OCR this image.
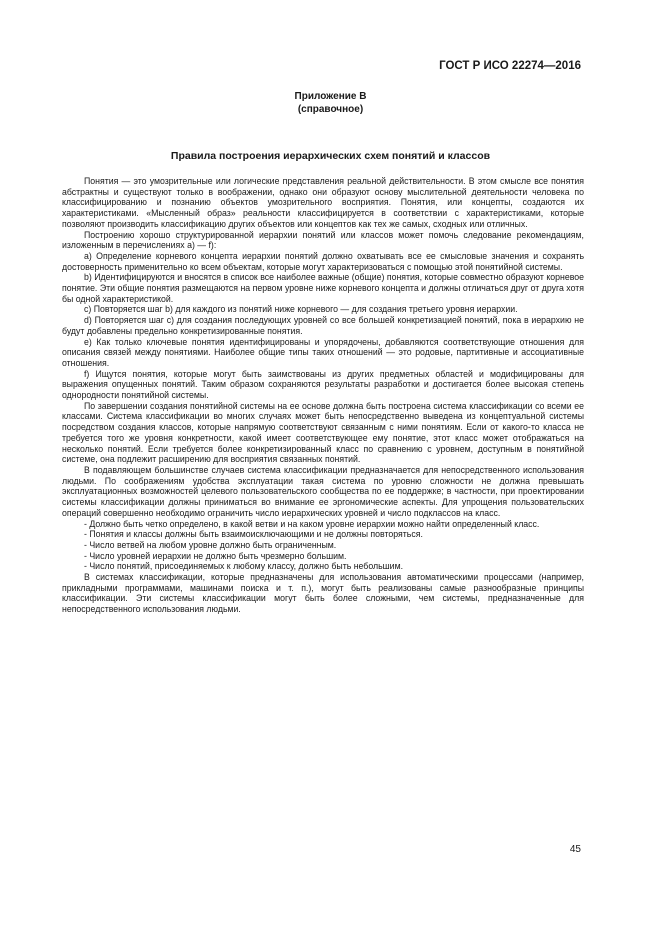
ГОСТ Р ИСО 22274—2016
Приложение В
(справочное)
Правила построения иерархических схем понятий и классов

Понятия — это умозрительные или логические представления реальной действительности. В этом смысле все понятия абстрактны и существуют только в воображении, однако они образуют основу мыслительной деятельности человека по классифицированию и познанию объектов умозрительного восприятия. Понятия, или концепты, создаются их характеристиками. «Мысленный образ» реальности классифицируется в соответствии с характеристиками, которые позволяют производить классификацию других объектов или концептов как тех же самых, сходных или отличных.

Построению хорошо структурированной иерархии понятий или классов может помочь следование рекомендациям, изложенным в перечислениях a) — f):

a) Определение корневого концепта иерархии понятий должно охватывать все ее смысловые значения и сохранять достоверность применительно ко всем объектам, которые могут характеризоваться с помощью этой понятийной системы.

b) Идентифицируются и вносятся в список все наиболее важные (общие) понятия, которые совместно образуют корневое понятие. Эти общие понятия размещаются на первом уровне ниже корневого концепта и должны отличаться друг от друга хотя бы одной характеристикой.

c) Повторяется шаг b) для каждого из понятий ниже корневого — для создания третьего уровня иерархии.

d) Повторяется шаг c) для создания последующих уровней со все большей конкретизацией понятий, пока в иерархию не будут добавлены предельно конкретизированные понятия.

e) Как только ключевые понятия идентифицированы и упорядочены, добавляются соответствующие отношения для описания связей между понятиями. Наиболее общие типы таких отношений — это родовые, партитивные и ассоциативные отношения.

f) Ищутся понятия, которые могут быть заимствованы из других предметных областей и модифицированы для выражения опущенных понятий. Таким образом сохраняются результаты разработки и достигается более высокая степень однородности понятийной системы.

По завершении создания понятийной системы на ее основе должна быть построена система классификации со всеми ее классами. Система классификации во многих случаях может быть непосредственно выведена из концептуальной системы посредством создания классов, которые напрямую соответствуют связанным с ними понятиям. Если от какого-то класса не требуется того же уровня конкретности, какой имеет соответствующее ему понятие, этот класс может отображаться на несколько понятий. Если требуется более конкретизированный класс по сравнению с уровнем, доступным в понятийной системе, она подлежит расширению для восприятия связанных понятий.

В подавляющем большинстве случаев система классификации предназначается для непосредственного использования людьми. По соображениям удобства эксплуатации такая система по уровню сложности не должна превышать эксплуатационных возможностей целевого пользовательского сообщества по ее поддержке; в частности, при проектировании системы классификации должны приниматься во внимание ее эргономические аспекты. Для упрощения пользовательских операций совершенно необходимо ограничить число иерархических уровней и число подклассов на класс.

- Должно быть четко определено, в какой ветви и на каком уровне иерархии можно найти определенный класс.

- Понятия и классы должны быть взаимоисключающими и не должны повторяться.

- Число ветвей на любом уровне должно быть ограниченным.

- Число уровней иерархии не должно быть чрезмерно большим.

- Число понятий, присоединяемых к любому классу, должно быть небольшим.

В системах классификации, которые предназначены для использования автоматическими процессами (например, прикладными программами, машинами поиска и т. п.), могут быть реализованы самые разнообразные принципы классификации. Эти системы классификации могут быть более сложными, чем системы, предназначенные для непосредственного использования людьми.

45
